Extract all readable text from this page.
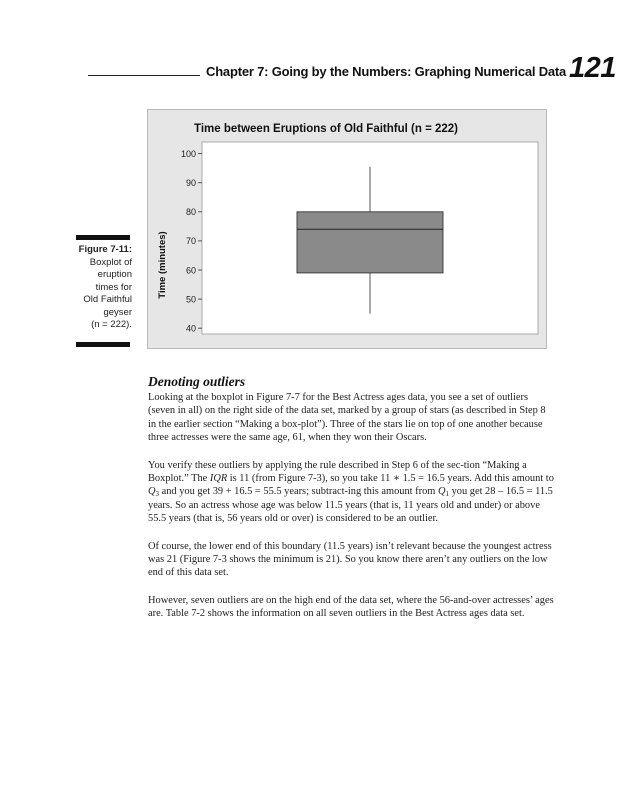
Chapter 7: Going by the Numbers: Graphing Numerical Data 121
Figure 7-11:
Boxplot of
eruption
times for
Old Faithful
geyser
(n = 222).
Time between Eruptions of Old Faithful (n = 222)
Time (minutes)
40
50
60
70
80
90
100
Denoting outliers

Looking at the boxplot in Figure 7-7 for the Best Actress ages data, you see a set of outliers (seven in all) on the right side of the data set, marked by a group of stars (as described in Step 8 in the earlier section “Making a box-plot”). Three of the stars lie on top of one another because three actresses were the same age, 61, when they won their Oscars.

You verify these outliers by applying the rule described in Step 6 of the sec-tion “Making a Boxplot.” The IQR is 11 (from Figure 7-3), so you take 11 ∗ 1.5 = 16.5 years. Add this amount to $Q_3$ and you get 39 + 16.5 = 55.5 years; subtract-ing this amount from $Q_1$ you get 28 – 16.5 = 11.5 years. So an actress whose age was below 11.5 years (that is, 11 years old and under) or above 55.5 years (that is, 56 years old or over) is considered to be an outlier.

Of course, the lower end of this boundary (11.5 years) isn’t relevant because the youngest actress was 21 (Figure 7-3 shows the minimum is 21). So you know there aren’t any outliers on the low end of this data set.

However, seven outliers are on the high end of the data set, where the 56-and-over actresses’ ages are. Table 7-2 shows the information on all seven outliers in the Best Actress ages data set.
